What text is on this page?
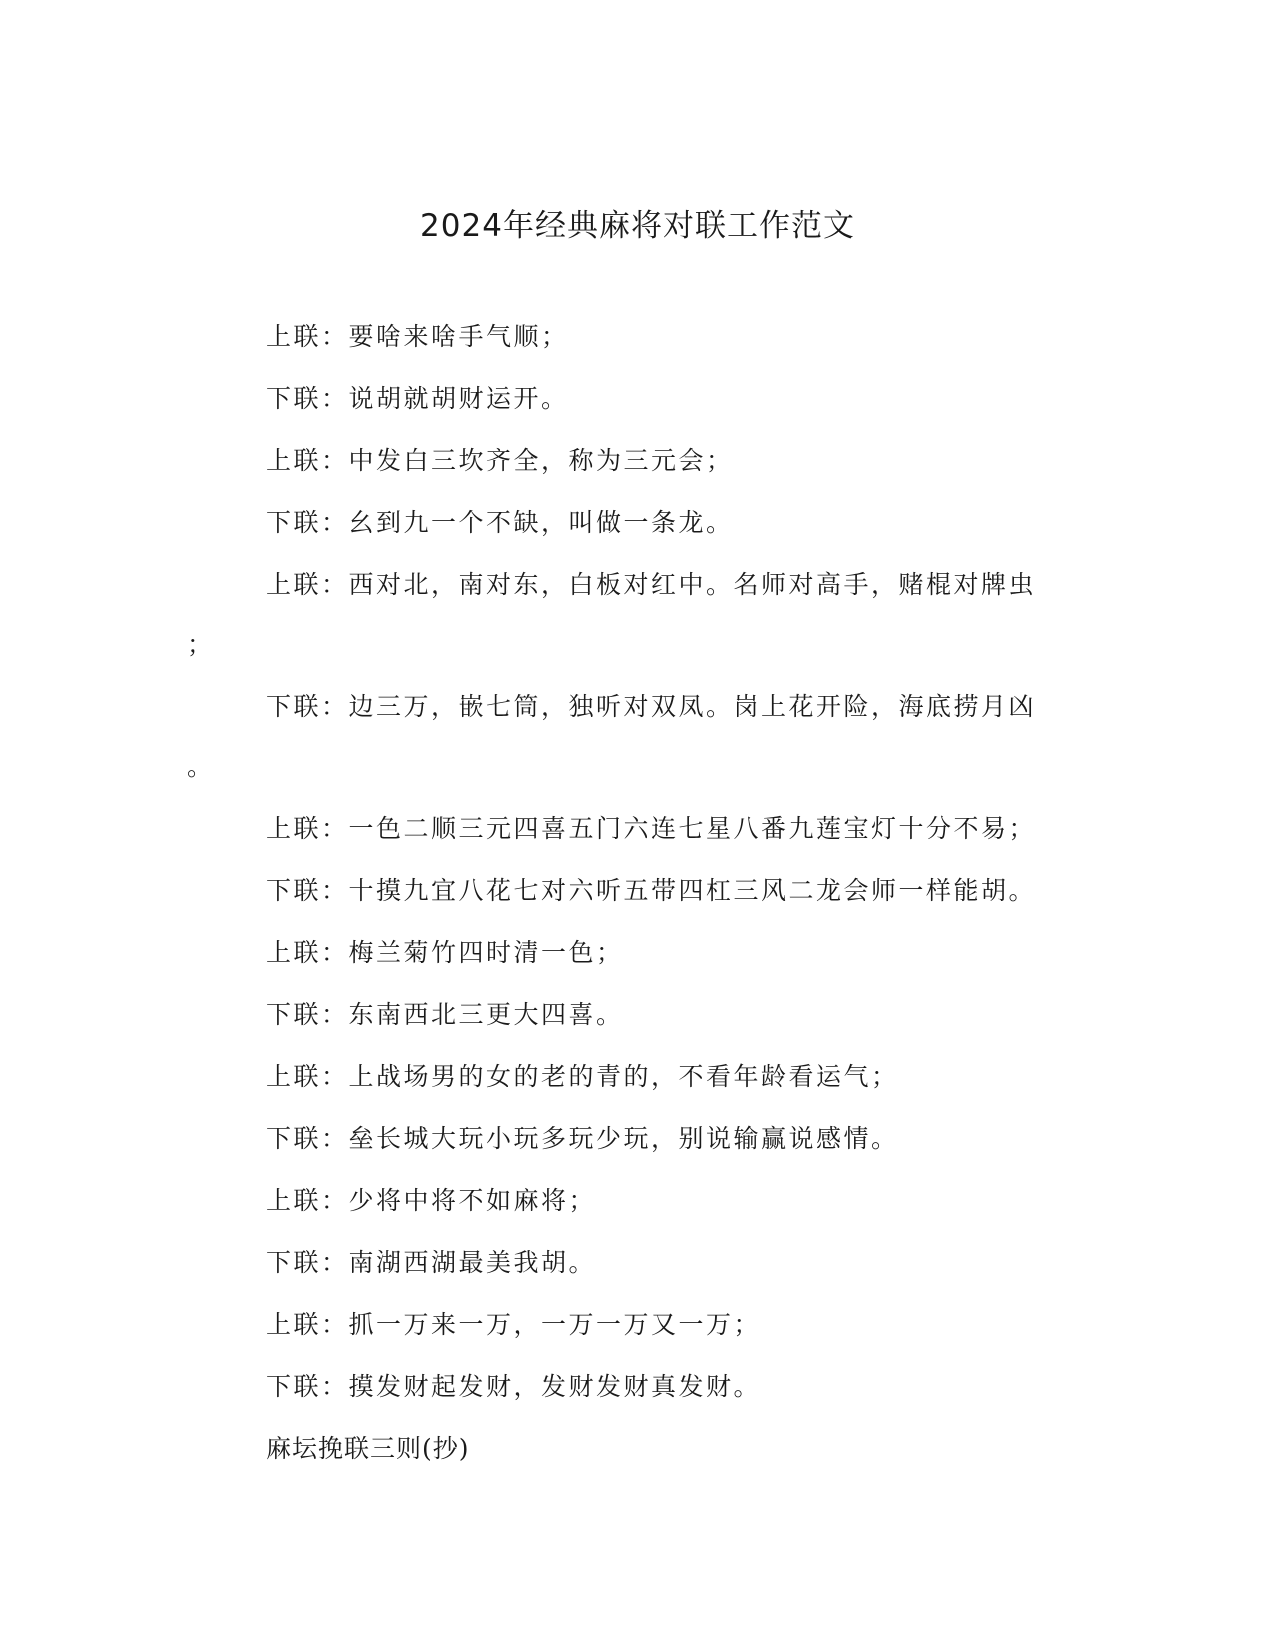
2024年经典麻将对联工作范文

上联：要啥来啥手气顺；

下联：说胡就胡财运开。

上联：中发白三坎齐全，称为三元会；

下联：幺到九一个不缺，叫做一条龙。

上联：西对北，南对东，白板对红中。名师对高手，赌棍对牌虫
；
下联：边三万，嵌七筒，独听对双凤。岗上花开险，海底捞月凶
。

上联：一色二顺三元四喜五门六连七星八番九莲宝灯十分不易；

下联：十摸九宜八花七对六听五带四杠三风二龙会师一样能胡。

上联：梅兰菊竹四时清一色；

下联：东南西北三更大四喜。

上联：上战场男的女的老的青的，不看年龄看运气；

下联：垒长城大玩小玩多玩少玩，别说输赢说感情。

上联：少将中将不如麻将；

下联：南湖西湖最美我胡。

上联：抓一万来一万，一万一万又一万；

下联：摸发财起发财，发财发财真发财。

麻坛挽联三则(抄)
